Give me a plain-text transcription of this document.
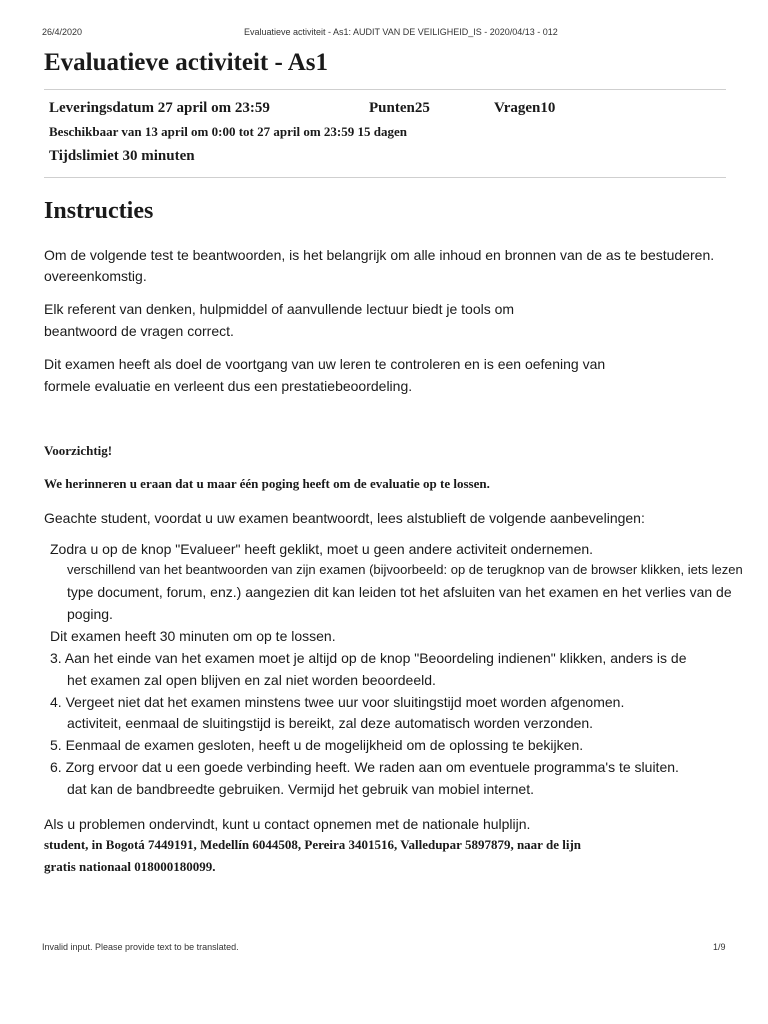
26/4/2020	Evaluatieve activiteit - As1: AUDIT VAN DE VEILIGHEID_IS - 2020/04/13 - 012
Evaluatieve activiteit - As1
Leveringsdatum 27 april om 23:59	Punten25	Vragen10
Beschikbaar van 13 april om 0:00 tot 27 april om 23:59 15 dagen
Tijdslimiet 30 minuten
Instructies
Om de volgende test te beantwoorden, is het belangrijk om alle inhoud en bronnen van de as te bestuderen.
overeenkomstig.
Elk referent van denken, hulpmiddel of aanvullende lectuur biedt je tools om
beantwoord de vragen correct.
Dit examen heeft als doel de voortgang van uw leren te controleren en is een oefening van
formele evaluatie en verleent dus een prestatiebeoordeling.
Voorzichtig!
We herinneren u eraan dat u maar één poging heeft om de evaluatie op te lossen.
Geachte student, voordat u uw examen beantwoordt, lees alstublieft de volgende aanbevelingen:
Zodra u op de knop "Evalueer" heeft geklikt, moet u geen andere activiteit ondernemen.
verschillend van het beantwoorden van zijn examen (bijvoorbeeld: op de terugknop van de browser klikken, iets lezen
type document, forum, enz.) aangezien dit kan leiden tot het afsluiten van het examen en het verlies van de
poging.
Dit examen heeft 30 minuten om op te lossen.
3. Aan het einde van het examen moet je altijd op de knop "Beoordeling indienen" klikken, anders is de
het examen zal open blijven en zal niet worden beoordeeld.
4. Vergeet niet dat het examen minstens twee uur voor sluitingstijd moet worden afgenomen.
activiteit, eenmaal de sluitingstijd is bereikt, zal deze automatisch worden verzonden.
5. Eenmaal de examen gesloten, heeft u de mogelijkheid om de oplossing te bekijken.
6. Zorg ervoor dat u een goede verbinding heeft. We raden aan om eventuele programma's te sluiten.
dat kan de bandbreedte gebruiken. Vermijd het gebruik van mobiel internet.
Als u problemen ondervindt, kunt u contact opnemen met de nationale hulplijn.
student, in Bogotá 7449191, Medellín 6044508, Pereira 3401516, Valledupar 5897879, naar de lijn
gratis nationaal 018000180099.
Invalid input. Please provide text to be translated.	1/9
